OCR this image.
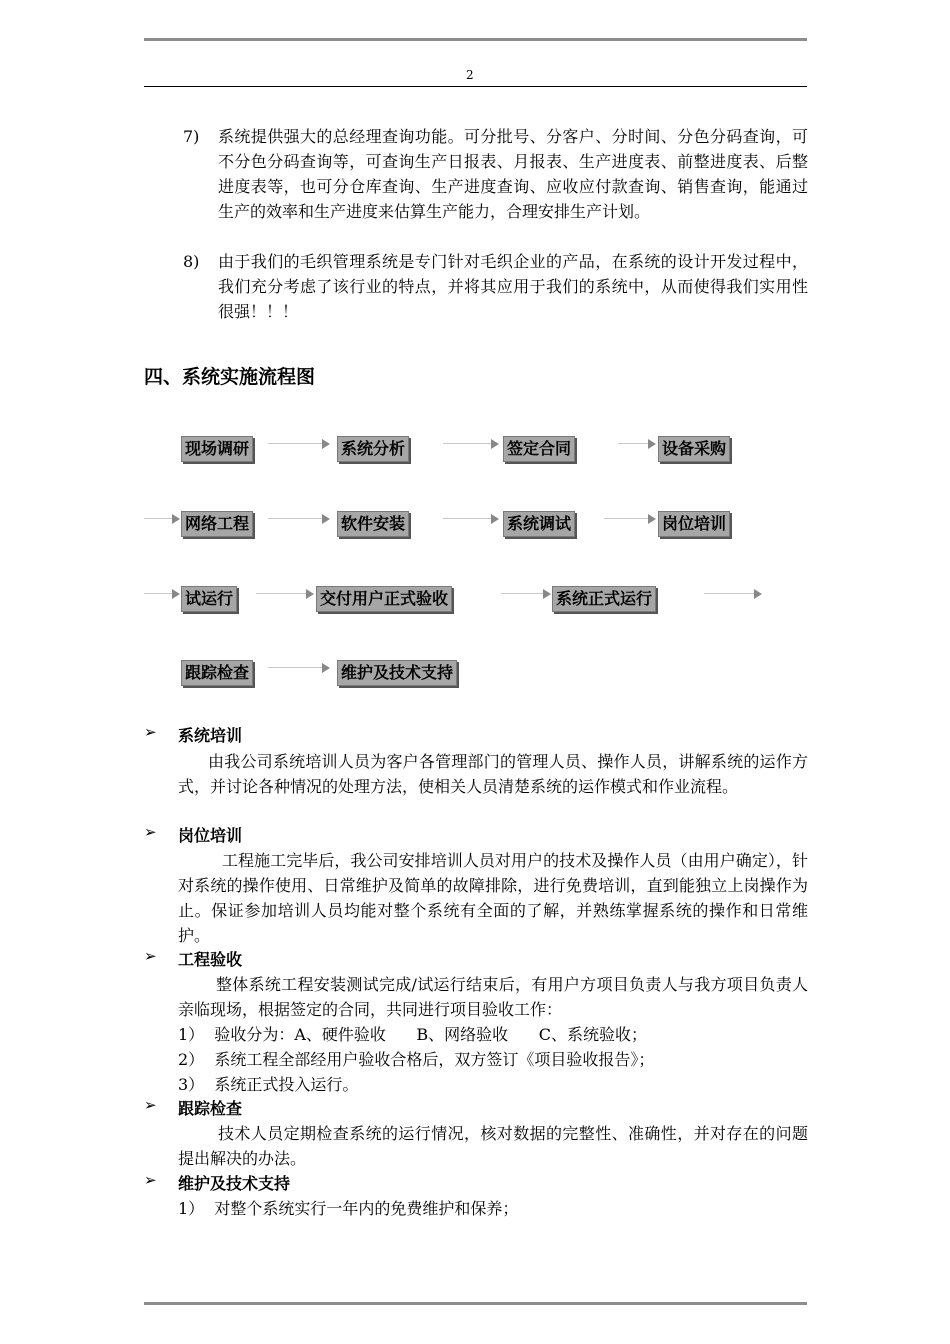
2
7) 系统提供强大的总经理查询功能。可分批号、分客户、分时间、分色分码查询，可不分色分码查询等，可查询生产日报表、月报表、生产进度表、前整进度表、后整进度表等，也可分仓库查询、生产进度查询、应收应付款查询、销售查询，能通过生产的效率和生产进度来估算生产能力，合理安排生产计划。

8) 由于我们的毛织管理系统是专门针对毛织企业的产品，在系统的设计开发过程中，我们充分考虑了该行业的特点，并将其应用于我们的系统中，从而使得我们实用性很强！！！

四、系统实施流程图
现场调研	系统分析	签定合同	设备采购
网络工程	软件安装	系统调试	岗位培训
试运行	交付用户正式验收	系统正式运行
跟踪检查	维护及技术支持
➢ 系统培训

由我公司系统培训人员为客户各管理部门的管理人员、操作人员，讲解系统的运作方式，并讨论各种情况的处理方法，使相关人员清楚系统的运作模式和作业流程。

➢ 岗位培训

工程施工完毕后，我公司安排培训人员对用户的技术及操作人员（由用户确定），针对系统的操作使用、日常维护及简单的故障排除，进行免费培训，直到能独立上岗操作为止。保证参加培训人员均能对整个系统有全面的了解，并熟练掌握系统的操作和日常维护。

➢ 工程验收

整体系统工程安装测试完成/试运行结束后，有用户方项目负责人与我方项目负责人亲临现场，根据签定的合同，共同进行项目验收工作：

1）  验收分为：A、硬件验收      B、网络验收      C、系统验收；
2）  系统工程全部经用户验收合格后，双方签订《项目验收报告》；
3）  系统正式投入运行。
➢ 跟踪检查

技术人员定期检查系统的运行情况，核对数据的完整性、准确性，并对存在的问题提出解决的办法。

➢ 维护及技术支持
1）  对整个系统实行一年内的免费维护和保养；
